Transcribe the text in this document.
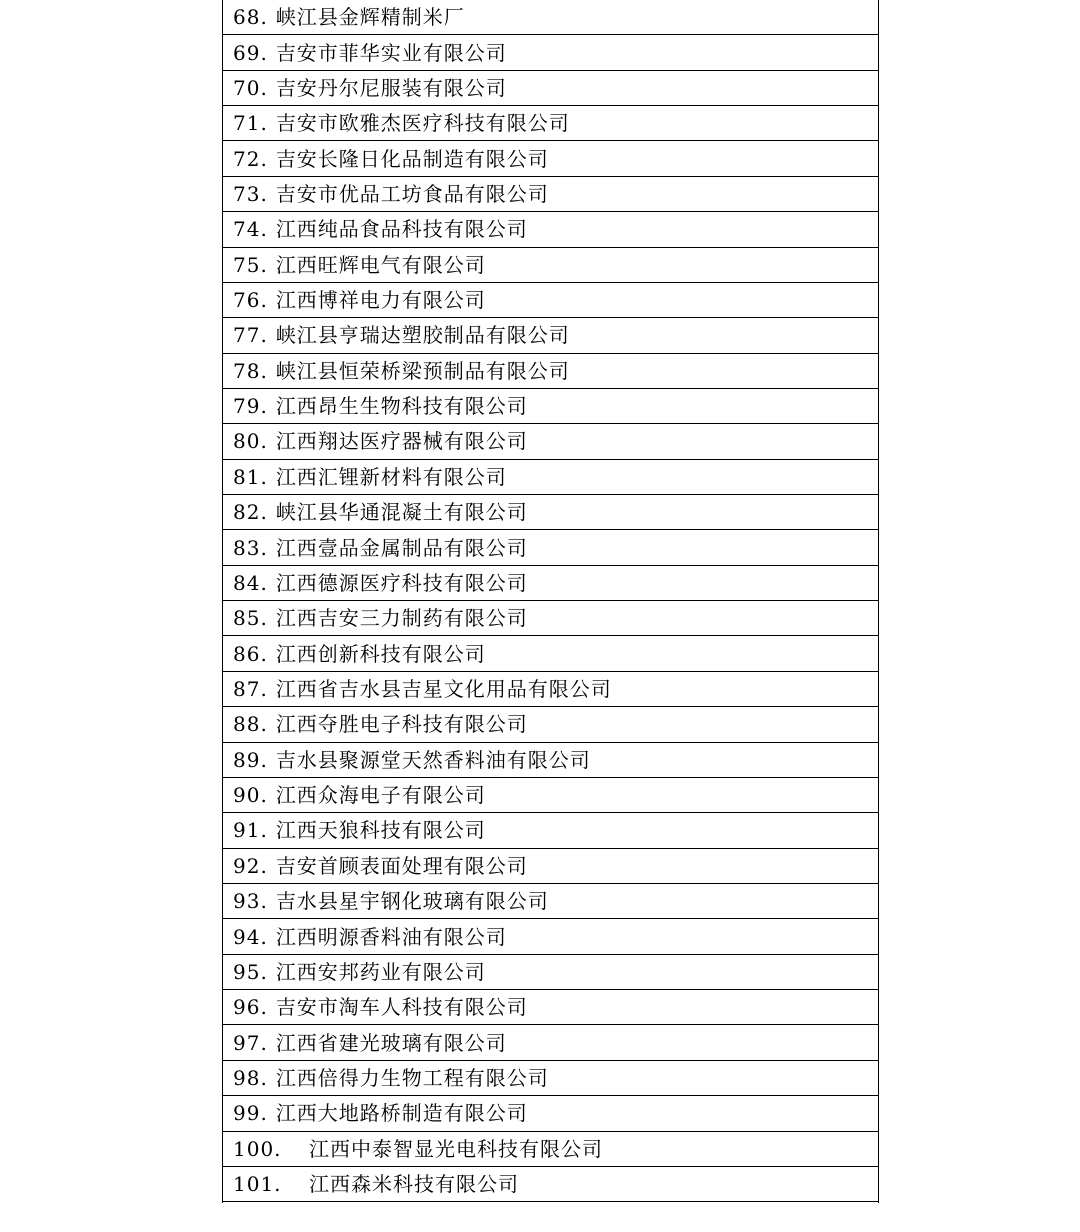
68. 峡江县金辉精制米厂
69. 吉安市菲华实业有限公司
70. 吉安丹尔尼服装有限公司
71. 吉安市欧雅杰医疗科技有限公司
72. 吉安长隆日化品制造有限公司
73. 吉安市优品工坊食品有限公司
74. 江西纯品食品科技有限公司
75. 江西旺辉电气有限公司
76. 江西博祥电力有限公司
77. 峡江县亨瑞达塑胶制品有限公司
78. 峡江县恒荣桥梁预制品有限公司
79. 江西昂生生物科技有限公司
80. 江西翔达医疗器械有限公司
81. 江西汇锂新材料有限公司
82. 峡江县华通混凝土有限公司
83. 江西壹品金属制品有限公司
84. 江西德源医疗科技有限公司
85. 江西吉安三力制药有限公司
86. 江西创新科技有限公司
87. 江西省吉水县吉星文化用品有限公司
88. 江西夺胜电子科技有限公司
89. 吉水县聚源堂天然香料油有限公司
90. 江西众海电子有限公司
91. 江西天狼科技有限公司
92. 吉安首顾表面处理有限公司
93. 吉水县星宇钢化玻璃有限公司
94. 江西明源香料油有限公司
95. 江西安邦药业有限公司
96. 吉安市淘车人科技有限公司
97. 江西省建光玻璃有限公司
98. 江西倍得力生物工程有限公司
99. 江西大地路桥制造有限公司
100.	江西中泰智显光电科技有限公司
101.	江西森米科技有限公司
